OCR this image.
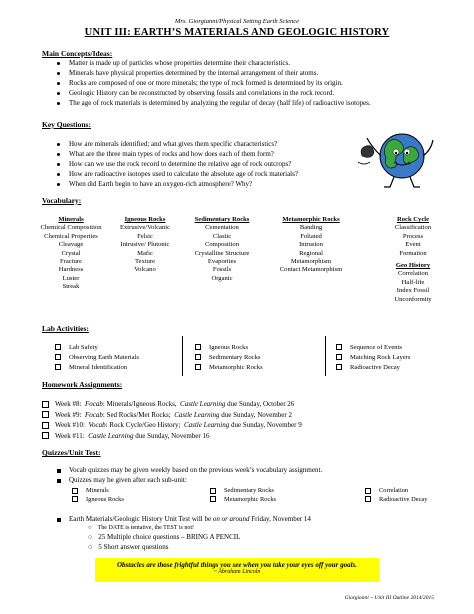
Mrs. Giorgianni/Physical Setting Earth Science
UNIT III: EARTH’S MATERIALS AND GEOLOGIC HISTORY
Main Concepts/Ideas:
Matter is made up of particles whose properties determine their characteristics.
Minerals have physical properties determined by the internal arrangement of their atoms.
Rocks are composed of one or more minerals; the type of rock formed is determined by its origin.
Geologic History can be reconstructed by observing fossils and correlations in the rock record.
The age of rock materials is determined by analyzing the regular of decay (half life) of radioactive isotopes.
Key Questions:
How are minerals identified; and what gives them specific characteristics?
What are the three main types of rocks and how does each of them form?
How can we use the rock record to determine the relative age of rock outcrops?
How are radioactive isotopes used to calculate the absolute age of rock materials?
When did Earth begin to have an oxygen-rich atmosphere? Why?
Vocabulary:
Minerals
Chemical Composition
Chemical Properties
Cleavage
Crystal
Fracture
Hardness
Luster
Streak
Igneous Rocks
Extrusive/Volcanic
Felsic
Intrusive/ Plutonic
Mafic
Texture
Volcano
Sedimentary Rocks
Cementation
Clastic
Composition
Crystalline Structure
Evaporites
Fossils
Organic
Metamorphic Rocks
Banding
Foliated
Intrusion
Regional
Metamorphism
Contact Metamorphism
Rock Cycle
Classification
Process
Event
Formation
Geo History
Correlation
Half-life
Index Fossil
Unconformity
Lab Activities:
Lab Safety
Observing Earth Materials
Mineral Identification
Igneous Rocks
Sedimentary Rocks
Metamorphic Rocks
Sequence of Events
Matching Rock Layers
Radioactive Decay
Homework Assignments:
Week #8: Focab: Minerals/Igneous Rocks, Castle Learning due Sunday, October 26
Week #9: Focab: Sed Rocks/Met Rocks; Castle Learning due Sunday, November 2
Week #10: Vocab: Rock Cycle/Geo History; Castle Learning due Sunday, November 9
Week #11: Castle Learning due Sunday, November 16
Quizzes/Unit Test:
Vocab quizzes may be given weekly based on the previous week’s vocabulary assignment.
Quizzes may be given after each sub-unit:
Minerals
Igneous Rocks
Sedimentary Rocks
Metamorphic Rocks
Correlation
Radioactive Decay
Earth Materials/Geologic History Unit Test will be on or around Friday, November 14
○ The DATE is tentative, the TEST is not!
○ 25 Multiple choice questions – BRING A PENCIL
○ 5 Short answer questions
Obstacles are those frightful things you see when you take your eyes off your goals.
~ Abraham Lincoln
Giorgianni ~ Unit III Outline 2014/2015
